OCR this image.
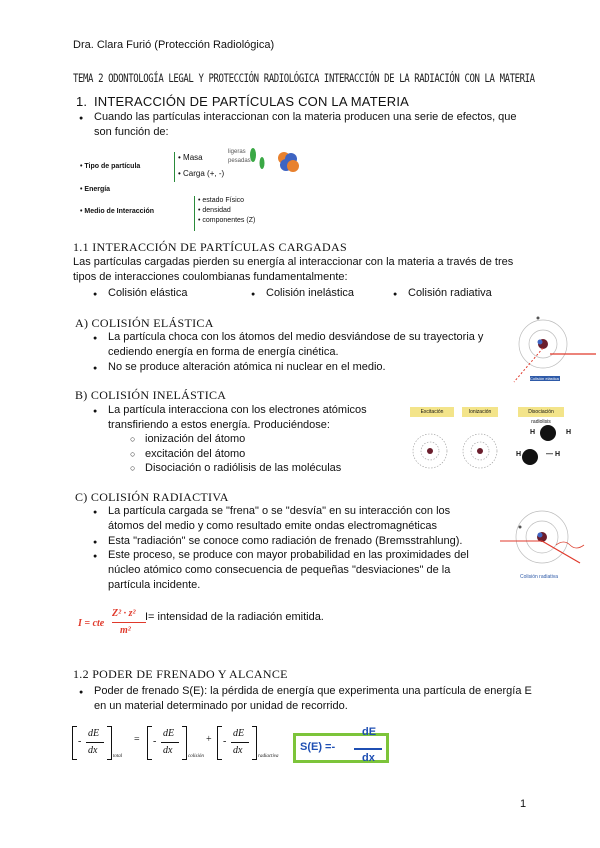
Dra. Clara Furió (Protección Radiológica)
TEMA 2 ODONTOLOGÍA LEGAL Y PROTECCIÓN RADIOLÓGICA INTERACCIÓN DE LA RADIACIÓN CON LA MATERIA
1. INTERACCIÓN DE PARTÍCULAS CON LA MATERIA
● Cuando las partículas interaccionan con la materia producen una serie de efectos, que son función de:
• Tipo de partícula
• Masa
• Carga (+, -)
ligeras
pesadas
• Energía
• Medio de Interacción
• estado Físico
• densidad
• componentes (Z)
1.1 INTERACCIÓN DE PARTÍCULAS CARGADAS
Las partículas cargadas pierden su energía al interaccionar con la materia a través de tres tipos de interacciones coulombianas fundamentalmente:
● Colisión elástica	● Colisión inelástica	● Colisión radiativa
A) COLISIÓN ELÁSTICA
● La partícula choca con los átomos del medio desviándose de su trayectoria y cediendo energía en forma de energía cinética.
● No se produce alteración atómica ni nuclear en el medio.
Colisión elástica
B) COLISIÓN INELÁSTICA
● La partícula interacciona con los electrones atómicos transfiriendo a estos energía. Produciéndose:
○ ionización del átomo
○ excitación del átomo
○ Disociación o radiólisis de las moléculas
Excitación	Ionización	Disociación radiolisis
H	H
H	— H
C) COLISIÓN RADIACTIVA
● La partícula cargada se "frena" o se "desvía" en su interacción con los átomos del medio y como resultado emite ondas electromagnéticas
● Esta "radiación" se conoce como radiación de frenado (Bremsstrahlung).
● Este proceso, se produce con mayor probabilidad en las proximidades del núcleo atómico como consecuencia de pequeñas "desviaciones" de la partícula incidente.
Colisión radiativa
I = cte
Z² · z²
m²
I= intensidad de la radiación emitida.
1.2 PODER DE FRENADO Y ALCANCE
● Poder de frenado S(E): la pérdida de energía que experimenta una partícula de energía E en un material determinado por unidad de recorrido.
-
dE
dx
total
= -
dE
dx
colisión
+ -
dE
dx
radiactiva
S(E) =-
dE
dx
1
